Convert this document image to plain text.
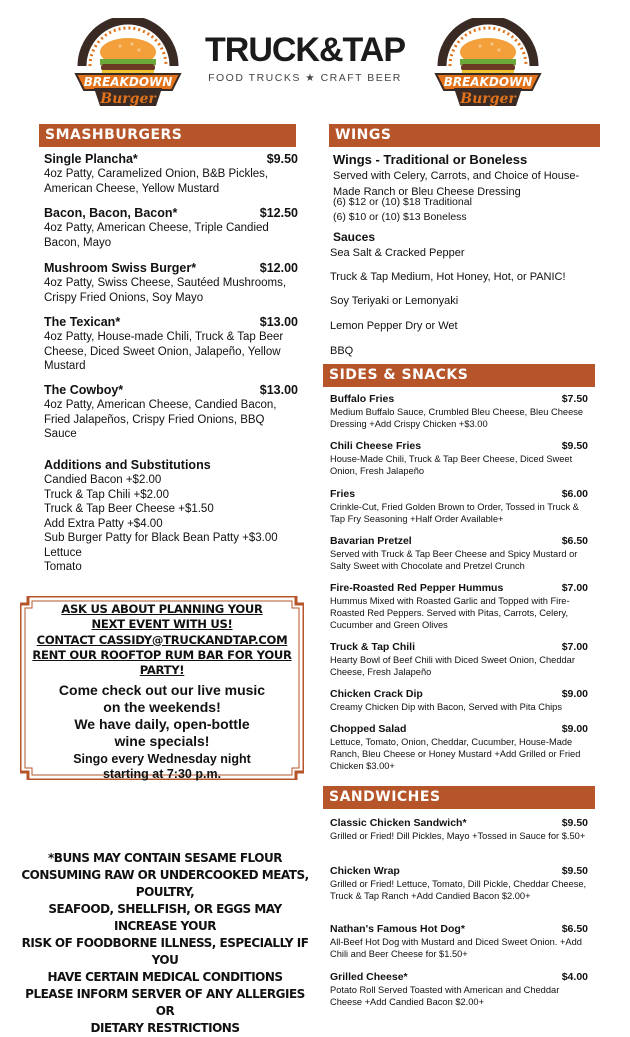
BREAKDOWN
Burger
TRUCK&TAP
FOOD TRUCKS ★ CRAFT BEER	BREAKDOWN
Burger
SMASHBURGERS
Single Plancha*	$9.50
4oz Patty, Caramelized Onion, B&B Pickles, American Cheese, Yellow Mustard
Bacon, Bacon, Bacon*	$12.50
4oz Patty, American Cheese, Triple Candied Bacon, Mayo
Mushroom Swiss Burger*	$12.00
4oz Patty, Swiss Cheese, Sautéed Mushrooms, Crispy Fried Onions, Soy Mayo
The Texican*	$13.00
4oz Patty, House-made Chili, Truck & Tap Beer Cheese, Diced Sweet Onion, Jalapeño, Yellow Mustard
The Cowboy*	$13.00
4oz Patty, American Cheese, Candied Bacon, Fried Jalapeños, Crispy Fried Onions, BBQ Sauce
Additions and Substitutions
Candied Bacon +$2.00
Truck & Tap Chili +$2.00
Truck & Tap Beer Cheese +$1.50
Add Extra Patty +$4.00
Sub Burger Patty for Black Bean Patty +$3.00
Lettuce
Tomato
ASK US ABOUT PLANNING YOUR
NEXT EVENT WITH US!
CONTACT CASSIDY@TRUCKANDTAP.COM
RENT OUR ROOFTOP RUM BAR FOR YOUR PARTY!
Come check out our live music
on the weekends!
We have daily, open-bottle
wine specials!
Singo every Wednesday night
starting at 7:30 p.m.
*BUNS MAY CONTAIN SESAME FLOUR
CONSUMING RAW OR UNDERCOOKED MEATS, POULTRY,
SEAFOOD, SHELLFISH, OR EGGS MAY INCREASE YOUR
RISK OF FOODBORNE ILLNESS, ESPECIALLY IF YOU
HAVE CERTAIN MEDICAL CONDITIONS
PLEASE INFORM SERVER OF ANY ALLERGIES OR
DIETARY RESTRICTIONS
WINGS
Wings - Traditional or Boneless
Served with Celery, Carrots, and Choice of House-Made Ranch or Bleu Cheese Dressing
(6) $12 or (10) $18 Traditional
(6) $10 or (10) $13 Boneless
Sauces
Sea Salt & Cracked Pepper
Truck & Tap Medium, Hot Honey, Hot, or PANIC!
Soy Teriyaki or Lemonyaki
Lemon Pepper Dry or Wet
BBQ
SIDES & SNACKS
Buffalo Fries	$7.50
Medium Buffalo Sauce, Crumbled Bleu Cheese, Bleu Cheese Dressing +Add Crispy Chicken +$3.00
Chili Cheese Fries	$9.50
House-Made Chili, Truck & Tap Beer Cheese, Diced Sweet Onion, Fresh Jalapeño
Fries	$6.00
Crinkle-Cut, Fried Golden Brown to Order, Tossed in Truck & Tap Fry Seasoning +Half Order Available+
Bavarian Pretzel	$6.50
Served with Truck & Tap Beer Cheese and Spicy Mustard or Salty Sweet with Chocolate and Pretzel Crunch
Fire-Roasted Red Pepper Hummus	$7.00
Hummus Mixed with Roasted Garlic and Topped with Fire-Roasted Red Peppers. Served with Pitas, Carrots, Celery, Cucumber and Green Olives
Truck & Tap Chili	$7.00
Hearty Bowl of Beef Chili with Diced Sweet Onion, Cheddar Cheese, Fresh Jalapeño
Chicken Crack Dip	$9.00
Creamy Chicken Dip with Bacon, Served with Pita Chips
Chopped Salad	$9.00
Lettuce, Tomato, Onion, Cheddar, Cucumber, House-Made Ranch, Bleu Cheese or Honey Mustard +Add Grilled or Fried Chicken $3.00+
SANDWICHES
Classic Chicken Sandwich*	$9.50
Grilled or Fried! Dill Pickles, Mayo +Tossed in Sauce for $.50+
Chicken Wrap	$9.50
Grilled or Fried! Lettuce, Tomato, Dill Pickle, Cheddar Cheese, Truck & Tap Ranch +Add Candied Bacon $2.00+
Nathan's Famous Hot Dog*	$6.50
All-Beef Hot Dog with Mustard and Diced Sweet Onion. +Add Chili and Beer Cheese for $1.50+
Grilled Cheese*	$4.00
Potato Roll Served Toasted with American and Cheddar Cheese +Add Candied Bacon $2.00+
